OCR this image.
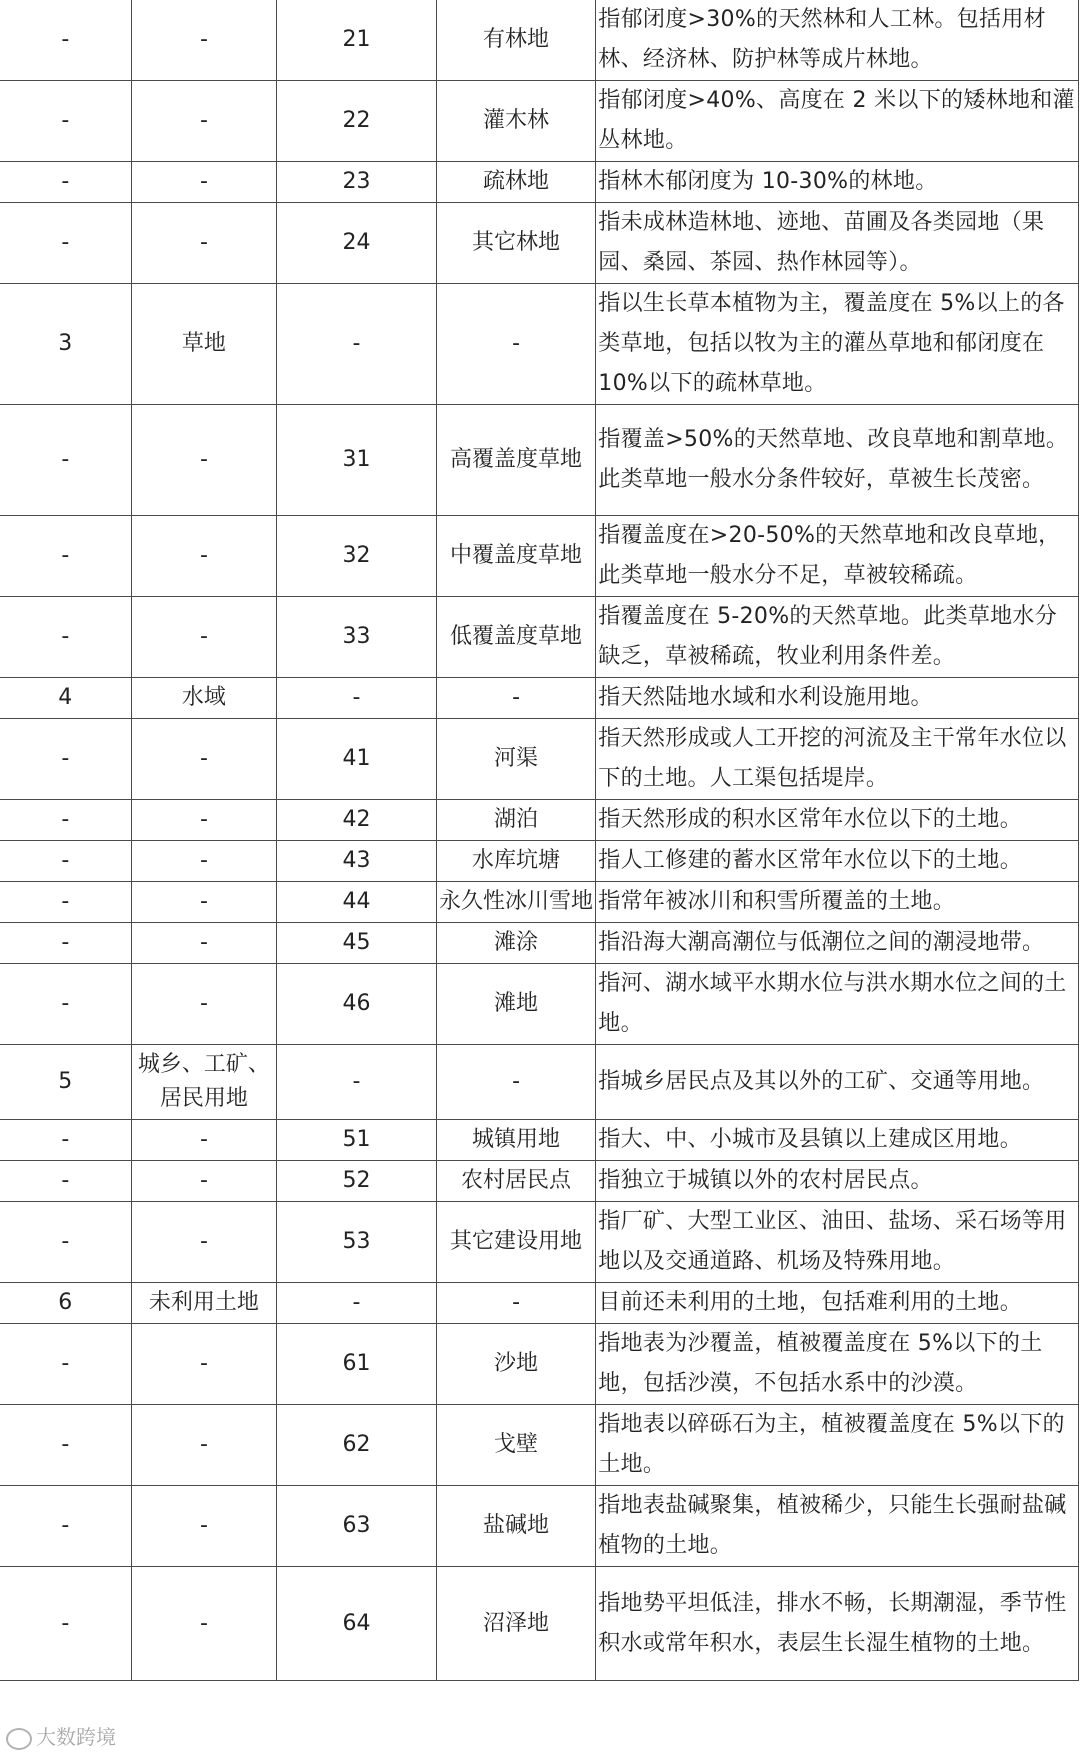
-	-	21	有林地	指郁闭度>30%的天然林和人工林。包括用材林、经济林、防护林等成片林地。
-	-	22	灌木林	指郁闭度>40%、高度在 2 米以下的矮林地和灌丛林地。
-	-	23	疏林地	指林木郁闭度为 10-30%的林地。
-	-	24	其它林地	指未成林造林地、迹地、苗圃及各类园地（果园、桑园、茶园、热作林园等）。
3	草地	-	-	指以生长草本植物为主，覆盖度在 5%以上的各类草地，包括以牧为主的灌丛草地和郁闭度在 10%以下的疏林草地。
-	-	31	高覆盖度草地	指覆盖>50%的天然草地、改良草地和割草地。此类草地一般水分条件较好，草被生长茂密。
-	-	32	中覆盖度草地	指覆盖度在>20-50%的天然草地和改良草地，此类草地一般水分不足，草被较稀疏。
-	-	33	低覆盖度草地	指覆盖度在 5-20%的天然草地。此类草地水分缺乏，草被稀疏，牧业利用条件差。
4	水域	-	-	指天然陆地水域和水利设施用地。
-	-	41	河渠	指天然形成或人工开挖的河流及主干常年水位以下的土地。人工渠包括堤岸。
-	-	42	湖泊	指天然形成的积水区常年水位以下的土地。
-	-	43	水库坑塘	指人工修建的蓄水区常年水位以下的土地。
-	-	44	永久性冰川雪地	指常年被冰川和积雪所覆盖的土地。
-	-	45	滩涂	指沿海大潮高潮位与低潮位之间的潮浸地带。
-	-	46	滩地	指河、湖水域平水期水位与洪水期水位之间的土地。
5	城乡、工矿、居民用地	-	-	指城乡居民点及其以外的工矿、交通等用地。
-	-	51	城镇用地	指大、中、小城市及县镇以上建成区用地。
-	-	52	农村居民点	指独立于城镇以外的农村居民点。
-	-	53	其它建设用地	指厂矿、大型工业区、油田、盐场、采石场等用地以及交通道路、机场及特殊用地。
6	未利用土地	-	-	目前还未利用的土地，包括难利用的土地。
-	-	61	沙地	指地表为沙覆盖，植被覆盖度在 5%以下的土地，包括沙漠，不包括水系中的沙漠。
-	-	62	戈壁	指地表以碎砾石为主，植被覆盖度在 5%以下的土地。
-	-	63	盐碱地	指地表盐碱聚集，植被稀少，只能生长强耐盐碱植物的土地。
-	-	64	沼泽地	指地势平坦低洼，排水不畅，长期潮湿，季节性积水或常年积水，表层生长湿生植物的土地。
大数跨境
